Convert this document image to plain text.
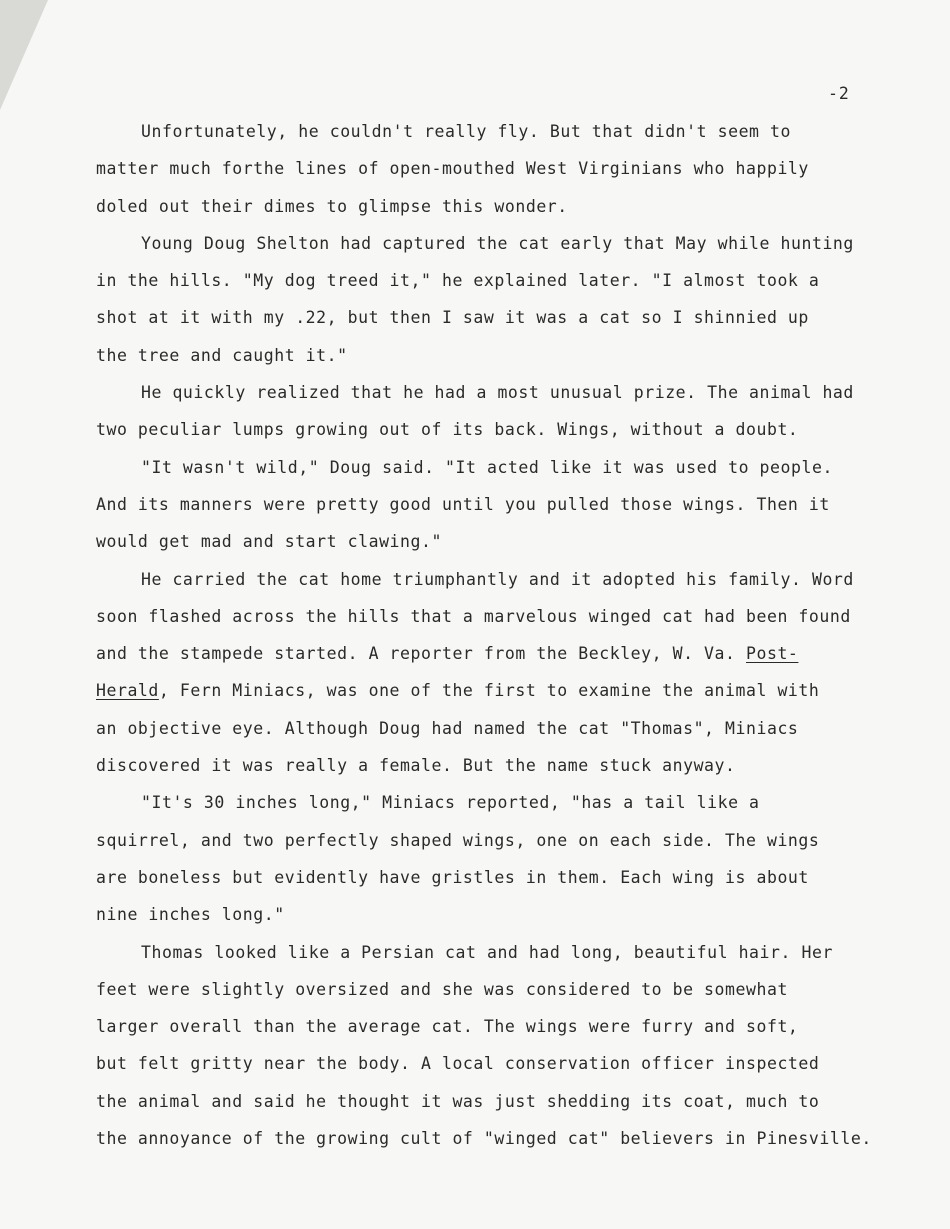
-2
Unfortunately, he couldn't really fly. But that didn't seem to
matter much forthe lines of open-mouthed West Virginians who happily
doled out their dimes to glimpse this wonder.
Young Doug Shelton had captured the cat early that May while hunting
in the hills. "My dog treed it," he explained later. "I almost took a
shot at it with my .22, but then I saw it was a cat so I shinnied up
the tree and caught it."
He quickly realized that he had a most unusual prize. The animal had
two peculiar lumps growing out of its back. Wings, without a doubt.
"It wasn't wild," Doug said. "It acted like it was used to people.
And its manners were pretty good until you pulled those wings. Then it
would get mad and start clawing."
He carried the cat home triumphantly and it adopted his family. Word
soon flashed across the hills that a marvelous winged cat had been found
and the stampede started. A reporter from the Beckley, W. Va. Post-
Herald, Fern Miniacs, was one of the first to examine the animal with
an objective eye. Although Doug had named the cat "Thomas", Miniacs
discovered it was really a female. But the name stuck anyway.
"It's 30 inches long," Miniacs reported, "has a tail like a
squirrel, and two perfectly shaped wings, one on each side. The wings
are boneless but evidently have gristles in them. Each wing is about
nine inches long."
Thomas looked like a Persian cat and had long, beautiful hair. Her
feet were slightly oversized and she was considered to be somewhat
larger overall than the average cat. The wings were furry and soft,
but felt gritty near the body. A local conservation officer inspected
the animal and said he thought it was just shedding its coat, much to
the annoyance of the growing cult of "winged cat" believers in Pinesville.
